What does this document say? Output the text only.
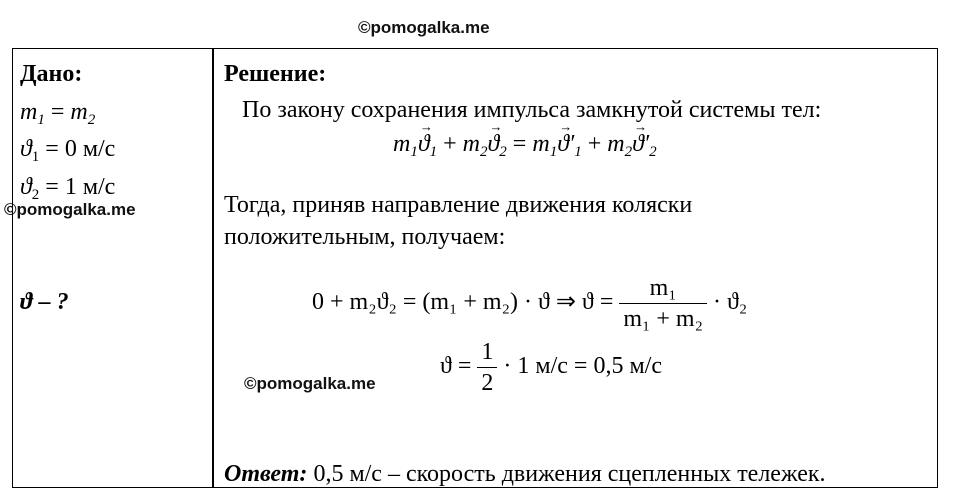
©pomogalka.me
Дано:
$m_1 = m_2$
$ϑ_1 = 0$ м/с
$ϑ_2 = 1$ м/с
©pomogalka.me
ϑ – ?
Решение:
По закону сохранения импульса замкнутой системы тел:
$m_1ϑ \to_1 + m_2ϑ \to_2 = m_1ϑ \to'_1 + m_2ϑ \to'_2$
Тогда, приняв направление движения коляски
положительным, получаем:
0 + m₂ϑ₂ = (m₁ + m₂) · ϑ ⇒ $ϑ = \frac{\text{m₁}}{\text{m₁ + m₂}} \cdot ϑ_2$
$ϑ = \frac{1}{2} \cdot 1$ м/с = 0,5 м/с
©pomogalka.me
Ответ: 0,5 м/с – скорость движения сцепленных тележек.
